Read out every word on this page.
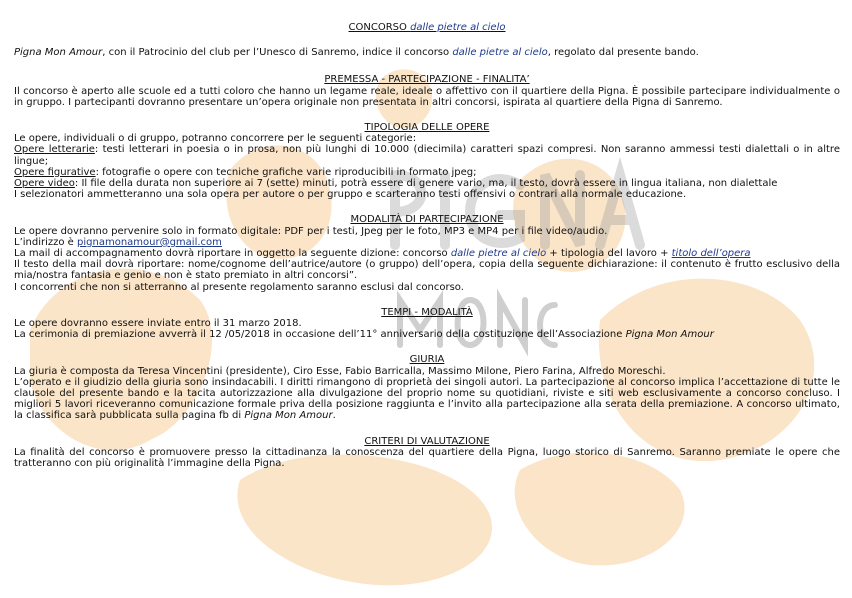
CONCORSO dalle pietre al cielo

Pigna Mon Amour, con il Patrocinio del club per l’Unesco di Sanremo, indice il concorso dalle pietre al cielo, regolato dal presente bando.

PREMESSA - PARTECIPAZIONE - FINALITA’

Il concorso è aperto alle scuole ed a tutti coloro che hanno un legame reale, ideale o affettivo con il quartiere della Pigna. È possibile partecipare individualmente o in gruppo. I partecipanti dovranno presentare un’opera originale non presentata in altri concorsi, ispirata al quartiere della Pigna di Sanremo.

TIPOLOGIA DELLE OPERE

Le opere, individuali o di gruppo, potranno concorrere per le seguenti categorie:

Opere letterarie: testi letterari in poesia o in prosa, non più lunghi di 10.000 (diecimila) caratteri spazi compresi. Non saranno ammessi testi dialettali o in altre lingue;

Opere figurative: fotografie o opere con tecniche grafiche varie riproducibili in formato jpeg;

Opere video: Il file della durata non superiore ai 7 (sette) minuti, potrà essere di genere vario, ma, il testo, dovrà essere in lingua italiana, non dialettale

I selezionatori ammetteranno una sola opera per autore o per gruppo e scarteranno testi offensivi o contrari alla normale educazione.

MODALITÀ DI PARTECIPAZIONE

Le opere dovranno pervenire solo in formato digitale: PDF per i testi, Jpeg per le foto, MP3 e MP4 per i file video/audio.

L’indirizzo è pignamonamour@gmail.com

La mail di accompagnamento dovrà riportare in oggetto la seguente dizione: concorso dalle pietre al cielo + tipologia del lavoro + titolo dell’opera

Il testo della mail dovrà riportare: nome/cognome dell’autrice/autore (o gruppo) dell’opera, copia della seguente dichiarazione: il contenuto è frutto esclusivo della mia/nostra fantasia e genio e non è stato premiato in altri concorsi”.

I concorrenti che non si atterranno al presente regolamento saranno esclusi dal concorso.

TEMPI - MODALITÀ

Le opere dovranno essere inviate entro il 31 marzo 2018.

La cerimonia di premiazione avverrà il 12 /05/2018 in occasione dell’11° anniversario della costituzione dell’Associazione Pigna Mon Amour

GIURIA

La giuria è composta da Teresa Vincentini (presidente), Ciro Esse, Fabio Barricalla, Massimo Milone, Piero Farina, Alfredo Moreschi.

L’operato e il giudizio della giuria sono insindacabili. I diritti rimangono di proprietà dei singoli autori. La partecipazione al concorso implica l’accettazione di tutte le clausole del presente bando e la tacita autorizzazione alla divulgazione del proprio nome su quotidiani, riviste e siti web esclusivamente a concorso concluso. I migliori 5 lavori riceveranno comunicazione formale priva della posizione raggiunta e l’invito alla partecipazione alla serata della premiazione. A concorso ultimato, la classifica sarà pubblicata sulla pagina fb di Pigna Mon Amour.

CRITERI DI VALUTAZIONE

La finalità del concorso è promuovere presso la cittadinanza la conoscenza del quartiere della Pigna, luogo storico di Sanremo. Saranno premiate le opere che tratteranno con più originalità l’immagine della Pigna.
